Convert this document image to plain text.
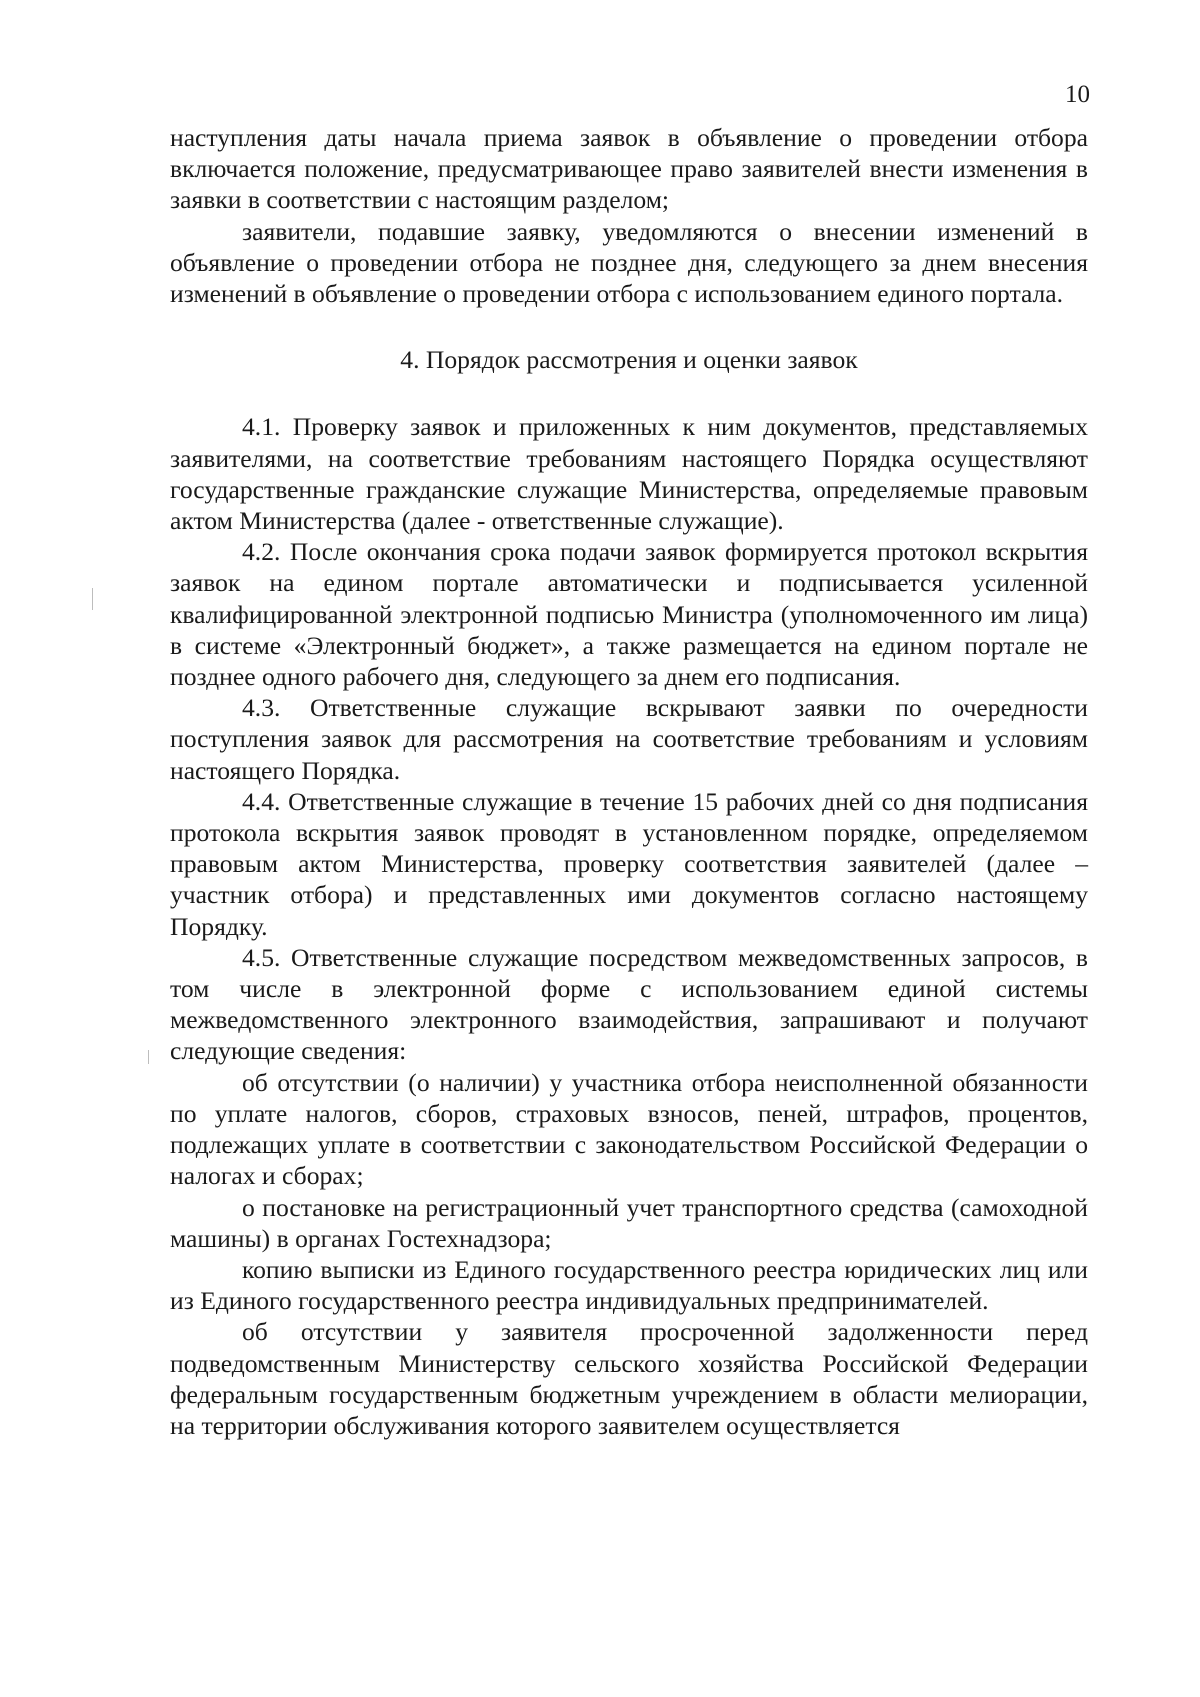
10

наступления даты начала приема заявок в объявление о проведении отбора включается положение, предусматривающее право заявителей внести изменения в заявки в соответствии с настоящим разделом;

заявители, подавшие заявку, уведомляются о внесении изменений в объявление о проведении отбора не позднее дня, следующего за днем внесения изменений в объявление о проведении отбора с использованием единого портала.

4. Порядок рассмотрения и оценки заявок

4.1. Проверку заявок и приложенных к ним документов, представляемых заявителями, на соответствие требованиям настоящего Порядка осуществляют государственные гражданские служащие Министерства, определяемые правовым актом Министерства (далее - ответственные служащие).

4.2. После окончания срока подачи заявок формируется протокол вскрытия заявок на едином портале автоматически и подписывается усиленной квалифицированной электронной подписью Министра (уполномоченного им лица) в системе «Электронный бюджет», а также размещается на едином портале не позднее одного рабочего дня, следующего за днем его подписания.

4.3. Ответственные служащие вскрывают заявки по очередности поступления заявок для рассмотрения на соответствие требованиям и условиям настоящего Порядка.

4.4. Ответственные служащие в течение 15 рабочих дней со дня подписания протокола вскрытия заявок проводят в установленном порядке, определяемом правовым актом Министерства, проверку соответствия заявителей (далее – участник отбора) и представленных ими документов согласно настоящему Порядку.

4.5. Ответственные служащие посредством межведомственных запросов, в том числе в электронной форме с использованием единой системы межведомственного электронного взаимодействия, запрашивают и получают следующие сведения:

об отсутствии (о наличии) у участника отбора неисполненной обязанности по уплате налогов, сборов, страховых взносов, пеней, штрафов, процентов, подлежащих уплате в соответствии с законодательством Российской Федерации о налогах и сборах;

о постановке на регистрационный учет транспортного средства (самоходной машины) в органах Гостехнадзора;

копию выписки из Единого государственного реестра юридических лиц или из Единого государственного реестра индивидуальных предпринимателей.

об отсутствии у заявителя просроченной задолженности перед подведомственным Министерству сельского хозяйства Российской Федерации федеральным государственным бюджетным учреждением в области мелиорации, на территории обслуживания которого заявителем осуществляется
